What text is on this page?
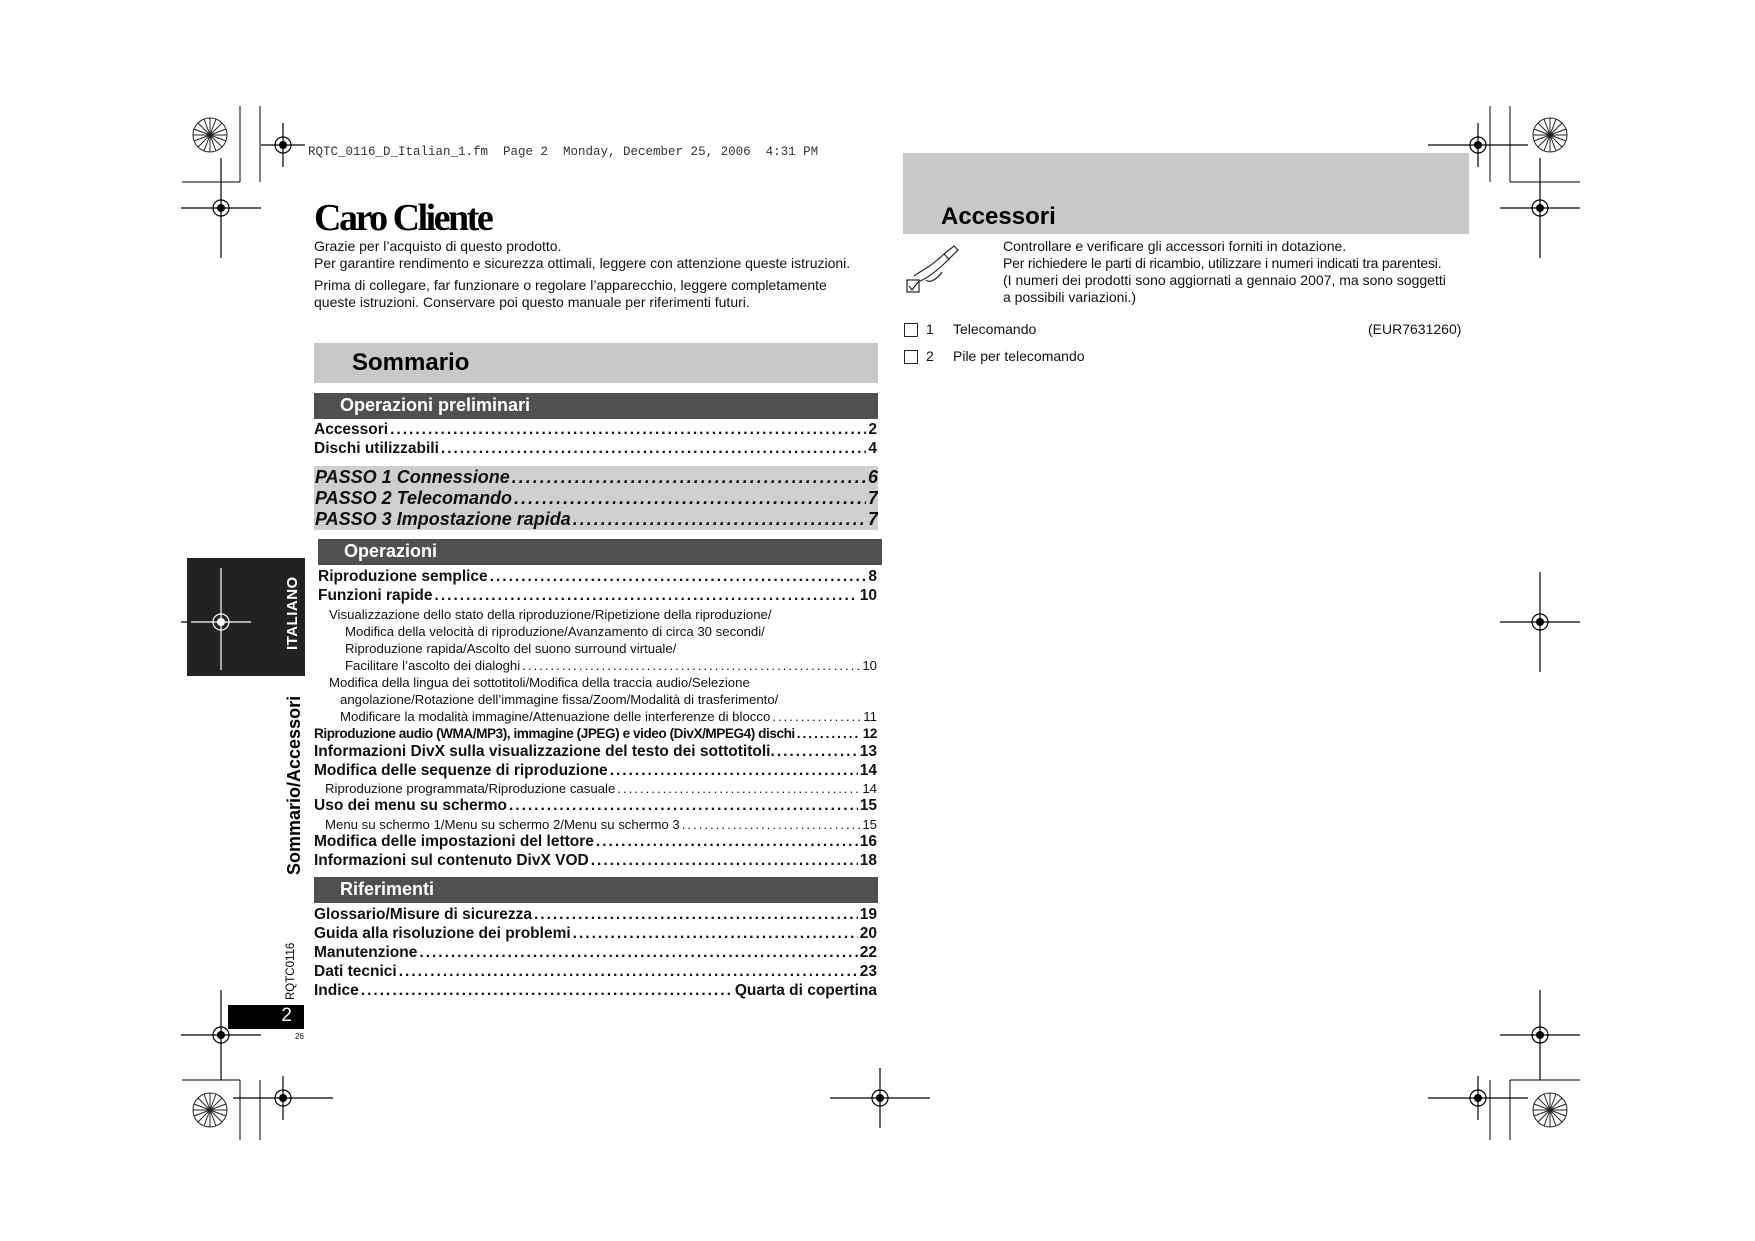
RQTC_0116_D_Italian_1.fm  Page 2  Monday, December 25, 2006  4:31 PM
Caro Cliente
Grazie per l’acquisto di questo prodotto.
Per garantire rendimento e sicurezza ottimali, leggere con attenzione queste istruzioni.
Prima di collegare, far funzionare o regolare l’apparecchio, leggere completamente
queste istruzioni. Conservare poi questo manuale per riferimenti futuri.
Sommario
Operazioni preliminari
Accessori .....	2
Dischi utilizzabili .....	4
PASSO 1 Connessione .....	6
PASSO 2 Telecomando .....	7
PASSO 3 Impostazione rapida .....	7
Operazioni
Riproduzione semplice .....	8
Funzioni rapide .....	10
Visualizzazione dello stato della riproduzione/Ripetizione della riproduzione/
Modifica della velocità di riproduzione/Avanzamento di circa 30 secondi/
Riproduzione rapida/Ascolto del suono surround virtuale/
Facilitare l’ascolto dei dialoghi .....	10
Modifica della lingua dei sottotitoli/Modifica della traccia audio/Selezione
angolazione/Rotazione dell’immagine fissa/Zoom/Modalità di trasferimento/
Modificare la modalità immagine/Attenuazione delle interferenze di blocco .....	11
Riproduzione audio (WMA/MP3), immagine (JPEG) e video (DivX/MPEG4) dischi .....	12
Informazioni DivX sulla visualizzazione del testo dei sottotitoli. .....	13
Modifica delle sequenze di riproduzione .....	14
Riproduzione programmata/Riproduzione casuale .....	14
Uso dei menu su schermo .....	15
Menu su schermo 1/Menu su schermo 2/Menu su schermo 3 .....	15
Modifica delle impostazioni del lettore .....	16
Informazioni sul contenuto DivX VOD .....	18
Riferimenti
Glossario/Misure di sicurezza .....	19
Guida alla risoluzione dei problemi .....	20
Manutenzione .....	22
Dati tecnici .....	23
Indice .....	Quarta di copertina
ITALIANO
Sommario/Accessori
RQTC0116
2
26
Accessori
Controllare e verificare gli accessori forniti in dotazione.
Per richiedere le parti di ricambio, utilizzare i numeri indicati tra parentesi.
(I numeri dei prodotti sono aggiornati a gennaio 2007, ma sono soggetti
a possibili variazioni.)
1 Telecomando	(EUR7631260)
2 Pile per telecomando
